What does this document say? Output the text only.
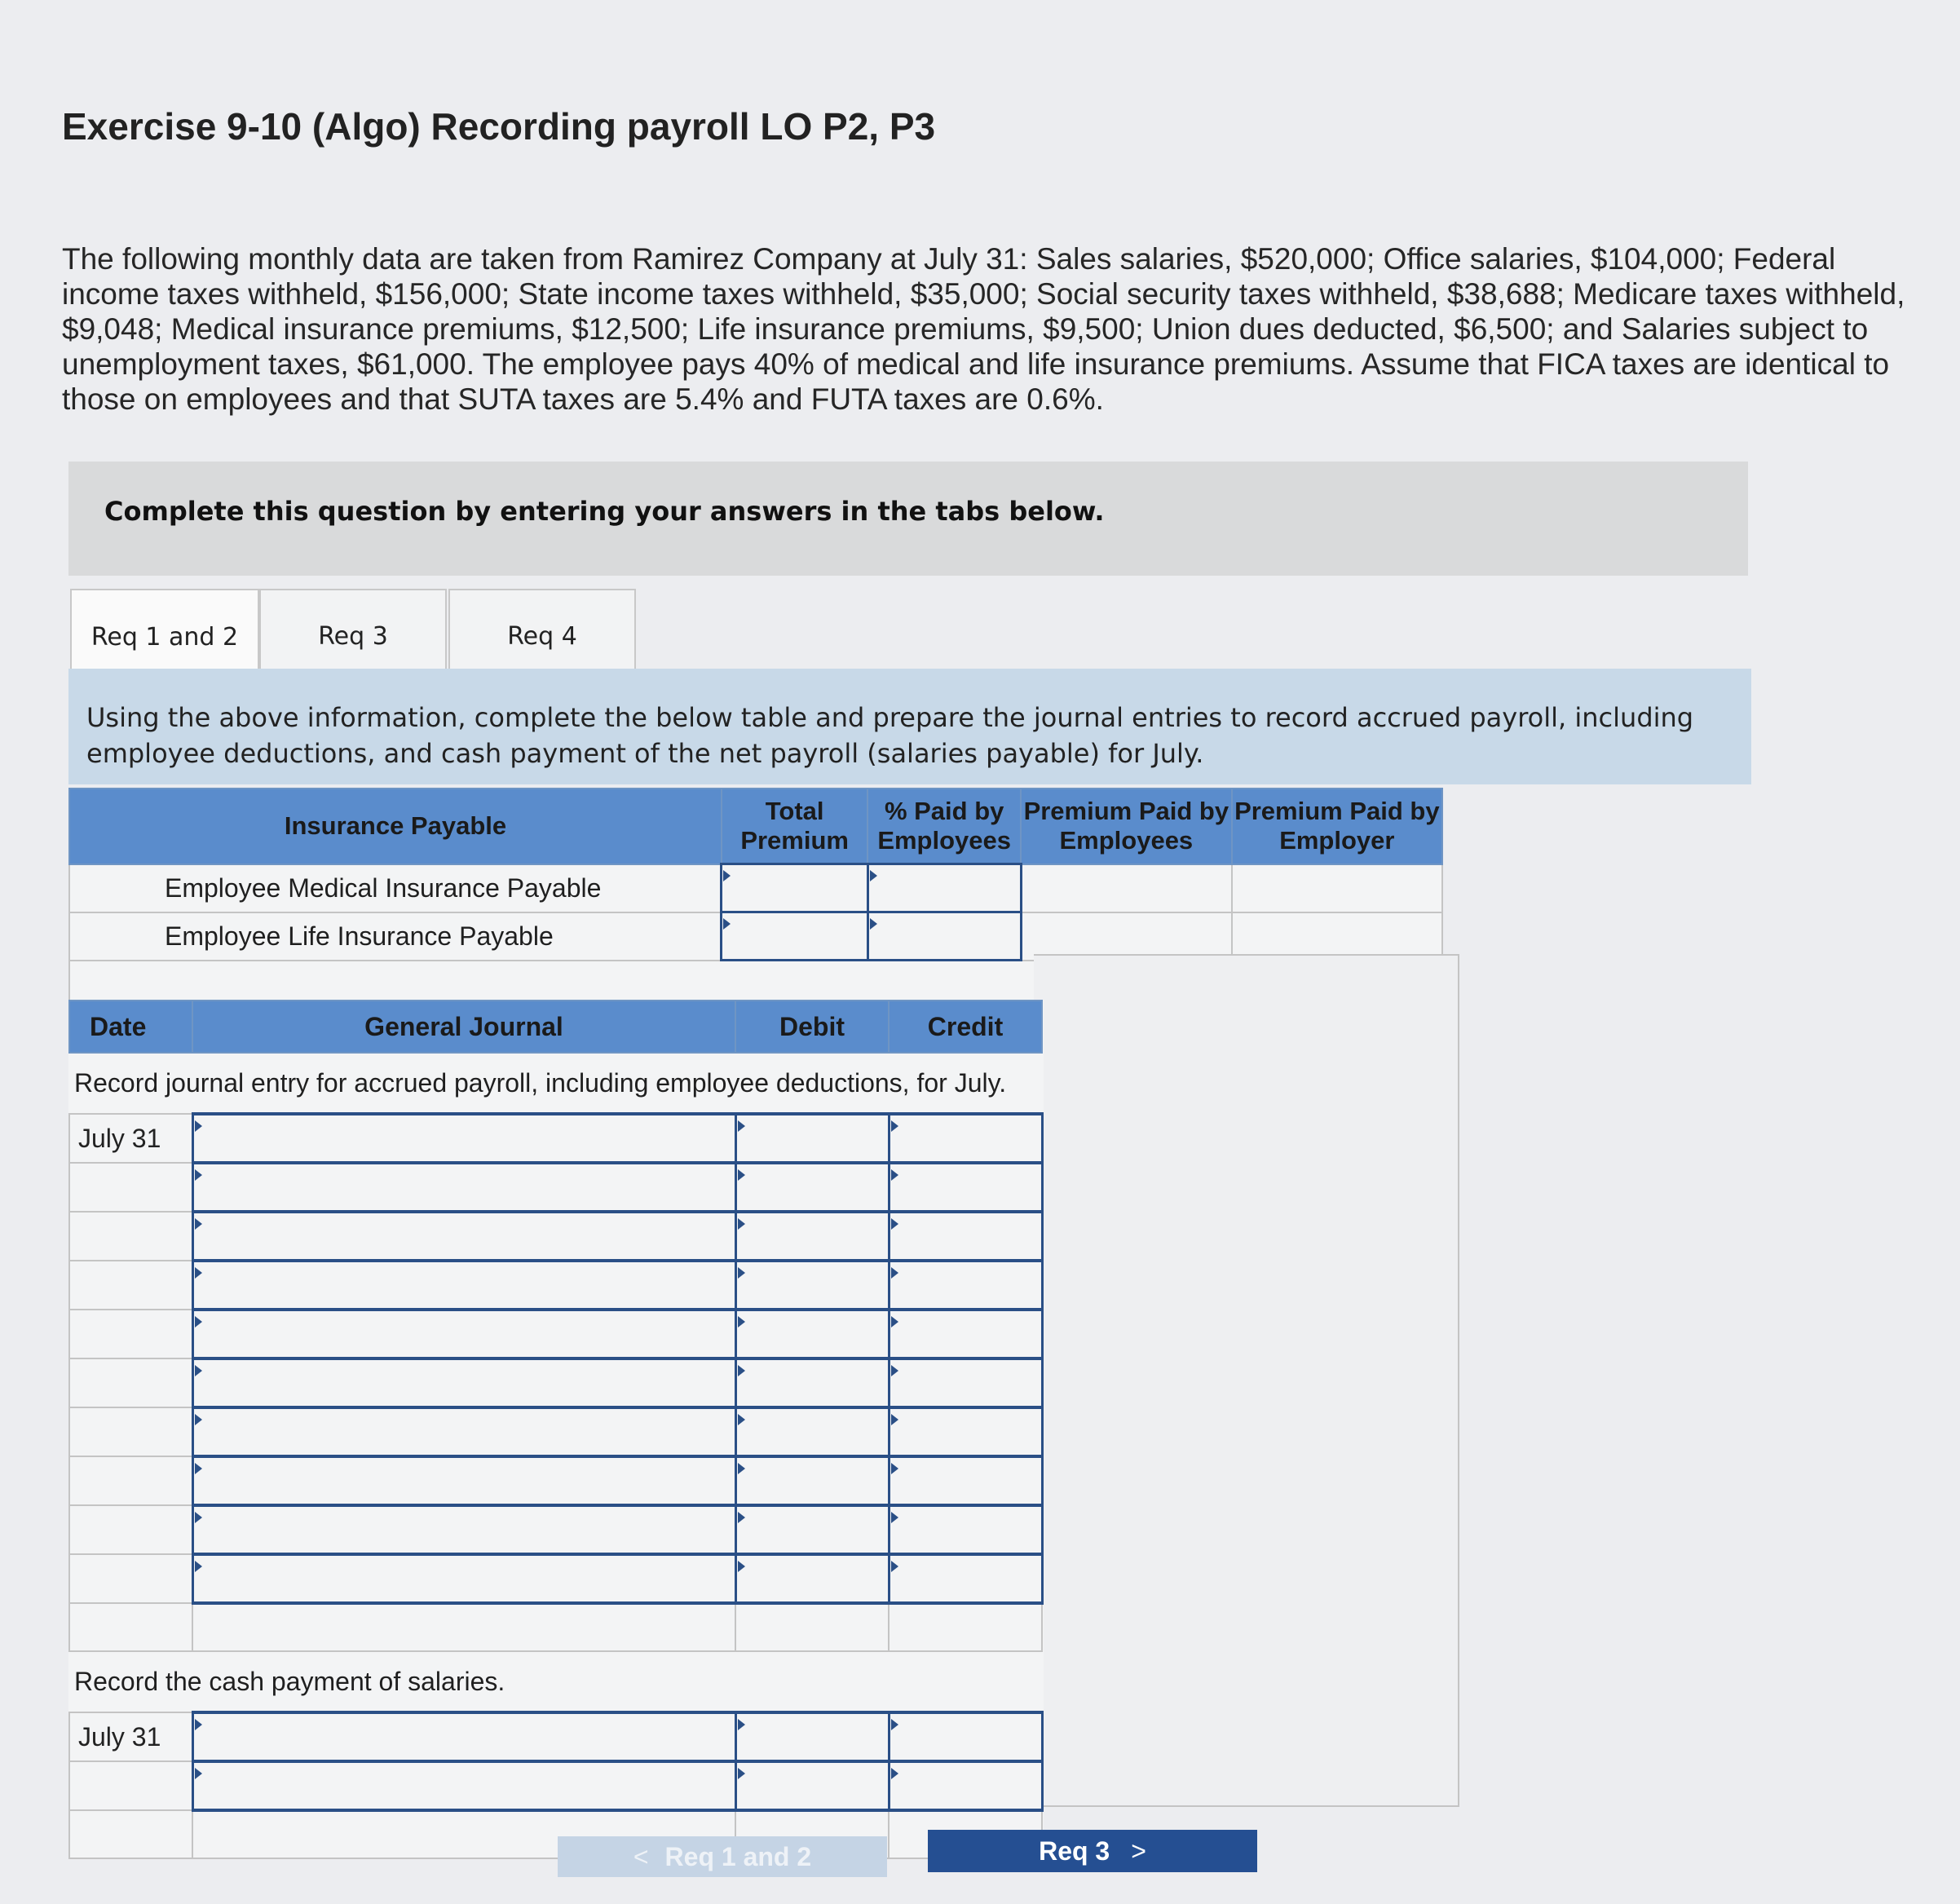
Exercise 9-10 (Algo) Recording payroll LO P2, P3
The following monthly data are taken from Ramirez Company at July 31: Sales salaries, $520,000; Office salaries, $104,000; Federal income taxes withheld, $156,000; State income taxes withheld, $35,000; Social security taxes withheld, $38,688; Medicare taxes withheld, $9,048; Medical insurance premiums, $12,500; Life insurance premiums, $9,500; Union dues deducted, $6,500; and Salaries subject to unemployment taxes, $61,000. The employee pays 40% of medical and life insurance premiums. Assume that FICA taxes are identical to those on employees and that SUTA taxes are 5.4% and FUTA taxes are 0.6%.
Complete this question by entering your answers in the tabs below.
Req 1 and 2	Req 3	Req 4
Using the above information, complete the below table and prepare the journal entries to record accrued payroll, including employee deductions, and cash payment of the net payroll (salaries payable) for July.
Insurance Payable	Total Premium	% Paid by Employees	Premium Paid by Employees	Premium Paid by Employer
Employee Medical Insurance Payable				
Employee Life Insurance Payable				

Date	General Journal	Debit	Credit
Record journal entry for accrued payroll, including employee deductions, for July.			
July 31			

Record the cash payment of salaries.			
July 31			

< Req 1 and 2	Req 3 >
